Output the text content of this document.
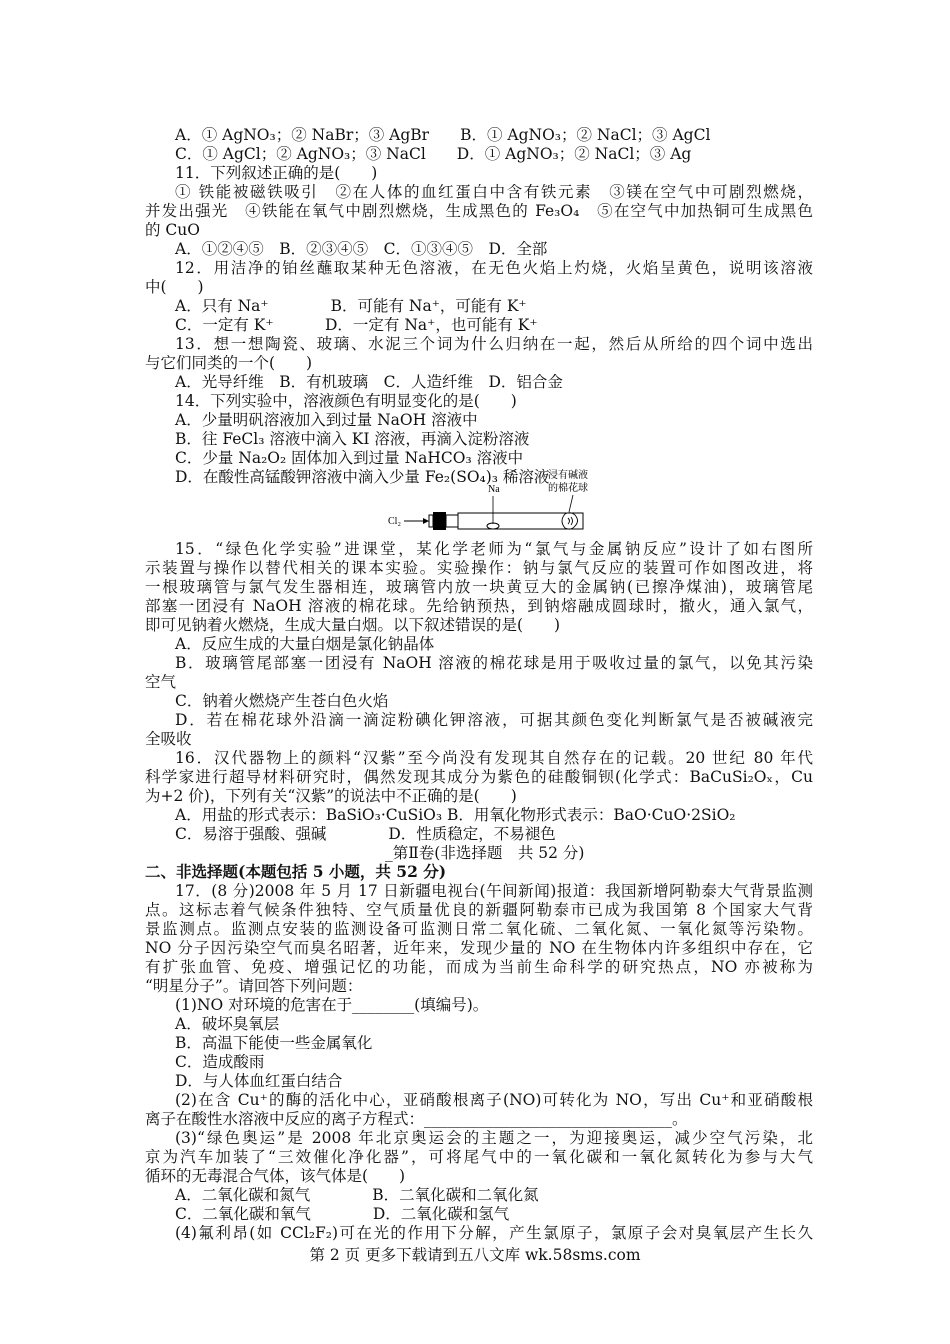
A．① AgNO₃；② NaBr；③ AgBr　　B．① AgNO₃；② NaCl；③ AgCl
C．① AgCl；② AgNO₃；③ NaCl　　D．① AgNO₃；② NaCl；③ Ag
11．下列叙述正确的是(　　)
① 铁能被磁铁吸引　②在人体的血红蛋白中含有铁元素　③镁在空气中可剧烈燃烧，
并发出强光　④铁能在氧气中剧烈燃烧，生成黑色的 Fe₃O₄　⑤在空气中加热铜可生成黑色
的 CuO
A．①②④⑤　B．②③④⑤　C．①③④⑤　D．全部
12．用洁净的铂丝蘸取某种无色溶液，在无色火焰上灼烧，火焰呈黄色，说明该溶液
中(　　)
A．只有 Na⁺　　　　B．可能有 Na⁺，可能有 K⁺
C．一定有 K⁺　　　 D．一定有 Na⁺，也可能有 K⁺
13．想一想陶瓷、玻璃、水泥三个词为什么归纳在一起，然后从所给的四个词中选出
与它们同类的一个(　　)
A．光导纤维　B．有机玻璃　C．人造纤维　D．铝合金
14．下列实验中，溶液颜色有明显变化的是(　　)
A．少量明矾溶液加入到过量 NaOH 溶液中
B．往 FeCl₃ 溶液中滴入 KI 溶液，再滴入淀粉溶液
C．少量 Na₂O₂ 固体加入到过量 NaHCO₃ 溶液中
D．在酸性高锰酸钾溶液中滴入少量 Fe₂(SO₄)₃ 稀溶液
Cl₂
Na
浸有碱液
的棉花球
15．“绿色化学实验”进课堂，某化学老师为“氯气与金属钠反应”设计了如右图所
示装置与操作以替代相关的课本实验。实验操作：钠与氯气反应的装置可作如图改进，将
一根玻璃管与氯气发生器相连，玻璃管内放一块黄豆大的金属钠(已擦净煤油)，玻璃管尾
部塞一团浸有 NaOH 溶液的棉花球。先给钠预热，到钠熔融成圆球时，撤火，通入氯气，
即可见钠着火燃烧，生成大量白烟。以下叙述错误的是(　　)
A．反应生成的大量白烟是氯化钠晶体
B．玻璃管尾部塞一团浸有 NaOH 溶液的棉花球是用于吸收过量的氯气，以免其污染
空气
C．钠着火燃烧产生苍白色火焰
D．若在棉花球外沿滴一滴淀粉碘化钾溶液，可据其颜色变化判断氯气是否被碱液完
全吸收
16．汉代器物上的颜料“汉紫”至今尚没有发现其自然存在的记载。20 世纪 80 年代
科学家进行超导材料研究时，偶然发现其成分为紫色的硅酸铜钡(化学式：BaCuSi₂Oₓ，Cu
为+2 价)，下列有关“汉紫”的说法中不正确的是(　　)
A．用盐的形式表示：BaSiO₃·CuSiO₃ B．用氧化物形式表示：BaO·CuO·2SiO₂
C．易溶于强酸、强碱　　　　D．性质稳定，不易褪色
_第Ⅱ卷(非选择题　共 52 分)
二、非选择题(本题包括 5 小题，共 52 分)
17．(8 分)2008 年 5 月 17 日新疆电视台(午间新闻)报道：我国新增阿勒泰大气背景监测
点。这标志着气候条件独特、空气质量优良的新疆阿勒泰市已成为我国第 8 个国家大气背
景监测点。监测点安装的监测设备可监测日常二氧化硫、二氧化氮、一氧化氮等污染物。
NO 分子因污染空气而臭名昭著，近年来，发现少量的 NO 在生物体内许多组织中存在，它
有扩张血管、免疫、增强记忆的功能，而成为当前生命科学的研究热点，NO 亦被称为
“明星分子”。请回答下列问题：
(1)NO 对环境的危害在于________(填编号)。
A．破坏臭氧层
B．高温下能使一些金属氧化
C．造成酸雨
D．与人体血红蛋白结合
(2)在含 Cu⁺的酶的活化中心，亚硝酸根离子(NO)可转化为 NO，写出 Cu⁺和亚硝酸根
离子在酸性水溶液中反应的离子方程式：________________________________。
(3)“绿色奥运”是 2008 年北京奥运会的主题之一，为迎接奥运，减少空气污染，北
京为汽车加装了“三效催化净化器”，可将尾气中的一氧化碳和一氧化氮转化为参与大气
循环的无毒混合气体，该气体是(　　)
A．二氧化碳和氮气　　　　B．二氧化碳和二氧化氮
C．二氧化碳和氧气　　　　D．二氧化碳和氢气
(4)氟利昂(如 CCl₂F₂)可在光的作用下分解，产生氯原子，氯原子会对臭氧层产生长久
第 2 页 更多下载请到五八文库 wk.58sms.com
